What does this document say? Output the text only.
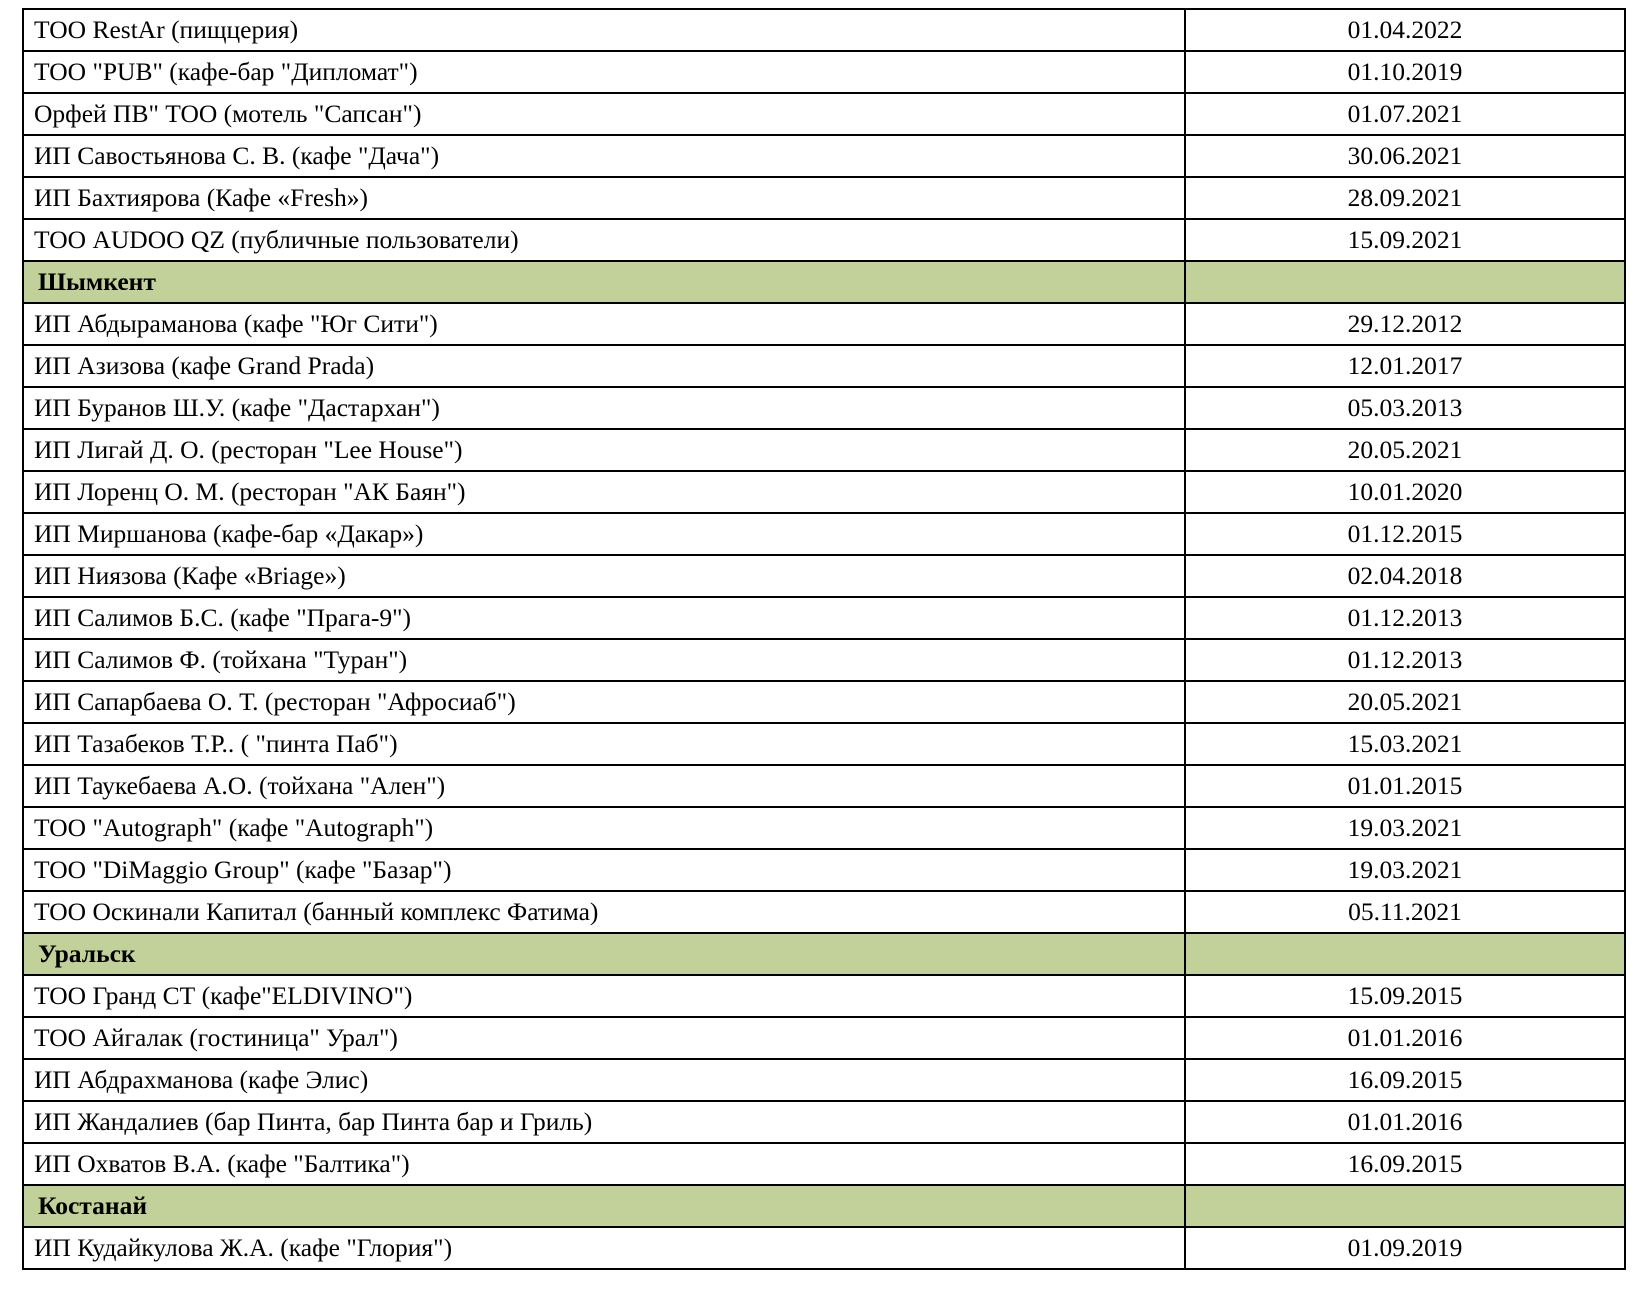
ТОО RestAr (пищцерия)	01.04.2022
ТОО "PUB" (кафе-бар "Дипломат")	01.10.2019
Орфей ПВ" ТОО (мотель "Сапсан")	01.07.2021
ИП Савостьянова С. В. (кафе "Дача")	30.06.2021
ИП Бахтиярова (Кафе «Fresh»)	28.09.2021
ТОО AUDOO QZ (публичные пользователи)	15.09.2021
Шымкент	
ИП Абдыраманова (кафе "Юг Сити")	29.12.2012
ИП Азизова (кафе Grand Prada)	12.01.2017
ИП Буранов Ш.У. (кафе "Дастархан")	05.03.2013
ИП Лигай Д. О. (ресторан "Lee House")	20.05.2021
ИП Лоренц О. М. (ресторан "АК Баян")	10.01.2020
ИП Миршанова (кафе-бар «Дакар»)	01.12.2015
ИП Ниязова (Кафе «Briage»)	02.04.2018
ИП Салимов Б.С. (кафе "Прага-9")	01.12.2013
ИП Салимов Ф. (тойхана "Туран")	01.12.2013
ИП Сапарбаева О. Т. (ресторан "Афросиаб")	20.05.2021
ИП Тазабеков Т.Р.. ( "пинта Паб")	15.03.2021
ИП Таукебаева А.О. (тойхана "Ален")	01.01.2015
ТОО "Autograph" (кафе "Autograph")	19.03.2021
ТОО "DiMaggio Group" (кафе "Базар")	19.03.2021
ТОО Оскинали Капитал (банный комплекс Фатима)	05.11.2021
Уральск	
ТОО Гранд СТ (кафе"ELDIVINO")	15.09.2015
ТОО Айгалак (гостиница" Урал")	01.01.2016
ИП Абдрахманова (кафе Элис)	16.09.2015
ИП Жандалиев (бар Пинта, бар Пинта бар и Гриль)	01.01.2016
ИП Охватов В.А. (кафе "Балтика")	16.09.2015
Костанай	
ИП Кудайкулова Ж.А. (кафе "Глория")	01.09.2019
